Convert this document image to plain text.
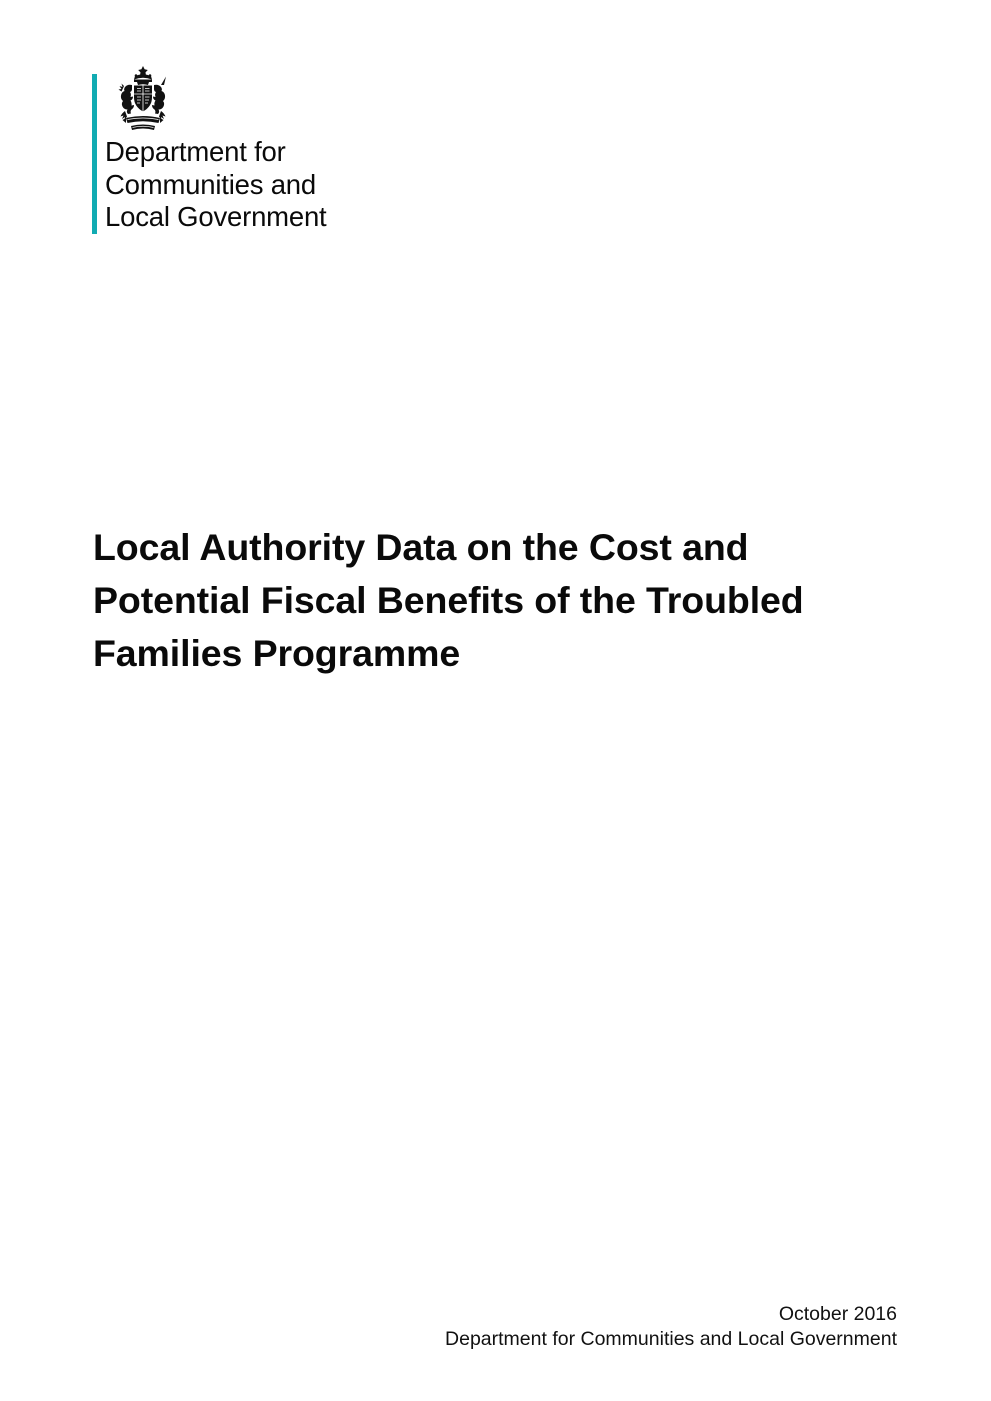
Department for
Communities and
Local Government
Local Authority Data on the Cost and
Potential Fiscal Benefits of the Troubled
Families Programme
October 2016
Department for Communities and Local Government
